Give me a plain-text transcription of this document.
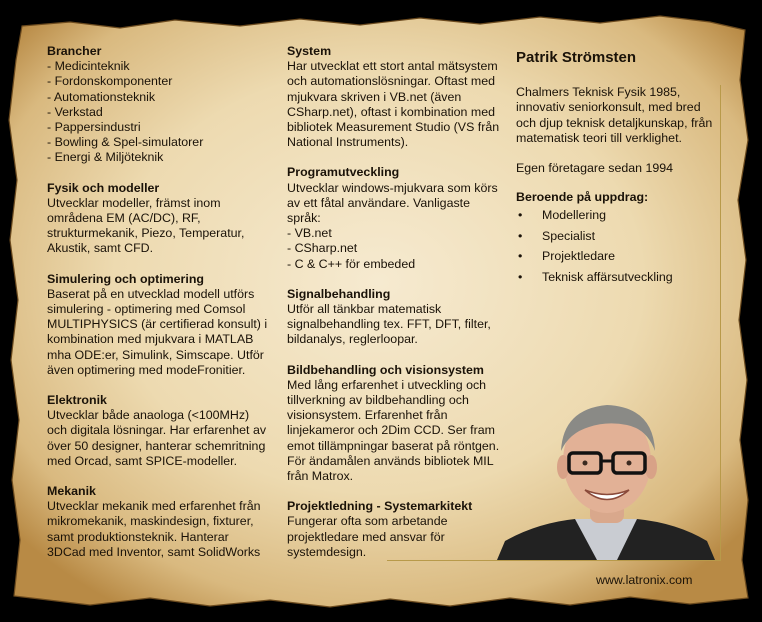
Brancher
- Medicinteknik
- Fordonskomponenter
- Automationsteknik
- Verkstad
- Pappersindustri
- Bowling & Spel-simulatorer
- Energi & Miljöteknik
Fysik och modeller
Utvecklar modeller, främst inom
områdena EM (AC/DC), RF,
strukturmekanik, Piezo, Temperatur,
Akustik, samt CFD.
Simulering och optimering
Baserat på en utvecklad modell utförs
simulering - optimering med Comsol
MULTIPHYSICS (är certifierad konsult) i
kombination med mjukvara i MATLAB
mha ODE:er, Simulink, Simscape. Utför
även optimering med modeFronitier.
Elektronik
Utvecklar både anaologa (<100MHz)
och digitala lösningar. Har erfarenhet av
över 50 designer, hanterar schemritning
med Orcad, samt SPICE-modeller.
Mekanik
Utvecklar mekanik med erfarenhet från
mikromekanik, maskindesign, fixturer,
samt produktionsteknik. Hanterar
3DCad med Inventor, samt SolidWorks
System
Har utvecklat ett stort antal mätsystem
och automationslösningar. Oftast med
mjukvara skriven i VB.net (även
CSharp.net), oftast i kombination med
bibliotek Measurement Studio (VS från
National Instruments).
Programutveckling
Utvecklar windows-mjukvara som körs
av ett fåtal användare. Vanligaste
språk:
- VB.net
- CSharp.net
- C & C++ för embeded
Signalbehandling
Utför all tänkbar matematisk
signalbehandling tex. FFT, DFT, filter,
bildanalys, reglerloopar.
Bildbehandling och visionsystem
Med lång erfarenhet i utveckling och
tillverkning av bildbehandling och
visionsystem. Erfarenhet från
linjekameror och 2Dim CCD. Ser fram
emot tillämpningar baserat på röntgen.
För ändamålen används bibliotek MIL
från Matrox.
Projektledning - Systemarkitekt
Fungerar ofta som arbetande
projektledare med ansvar för
systemdesign.
Patrik Strömsten
Chalmers Teknisk Fysik 1985,
innovativ seniorkonsult, med bred
och djup teknisk detaljkunskap, från
matematisk teori till verklighet.
Egen företagare sedan 1994
Beroende på uppdrag:
• Modellering
• Specialist
• Projektledare
• Teknisk affärsutveckling
www.latronix.com
